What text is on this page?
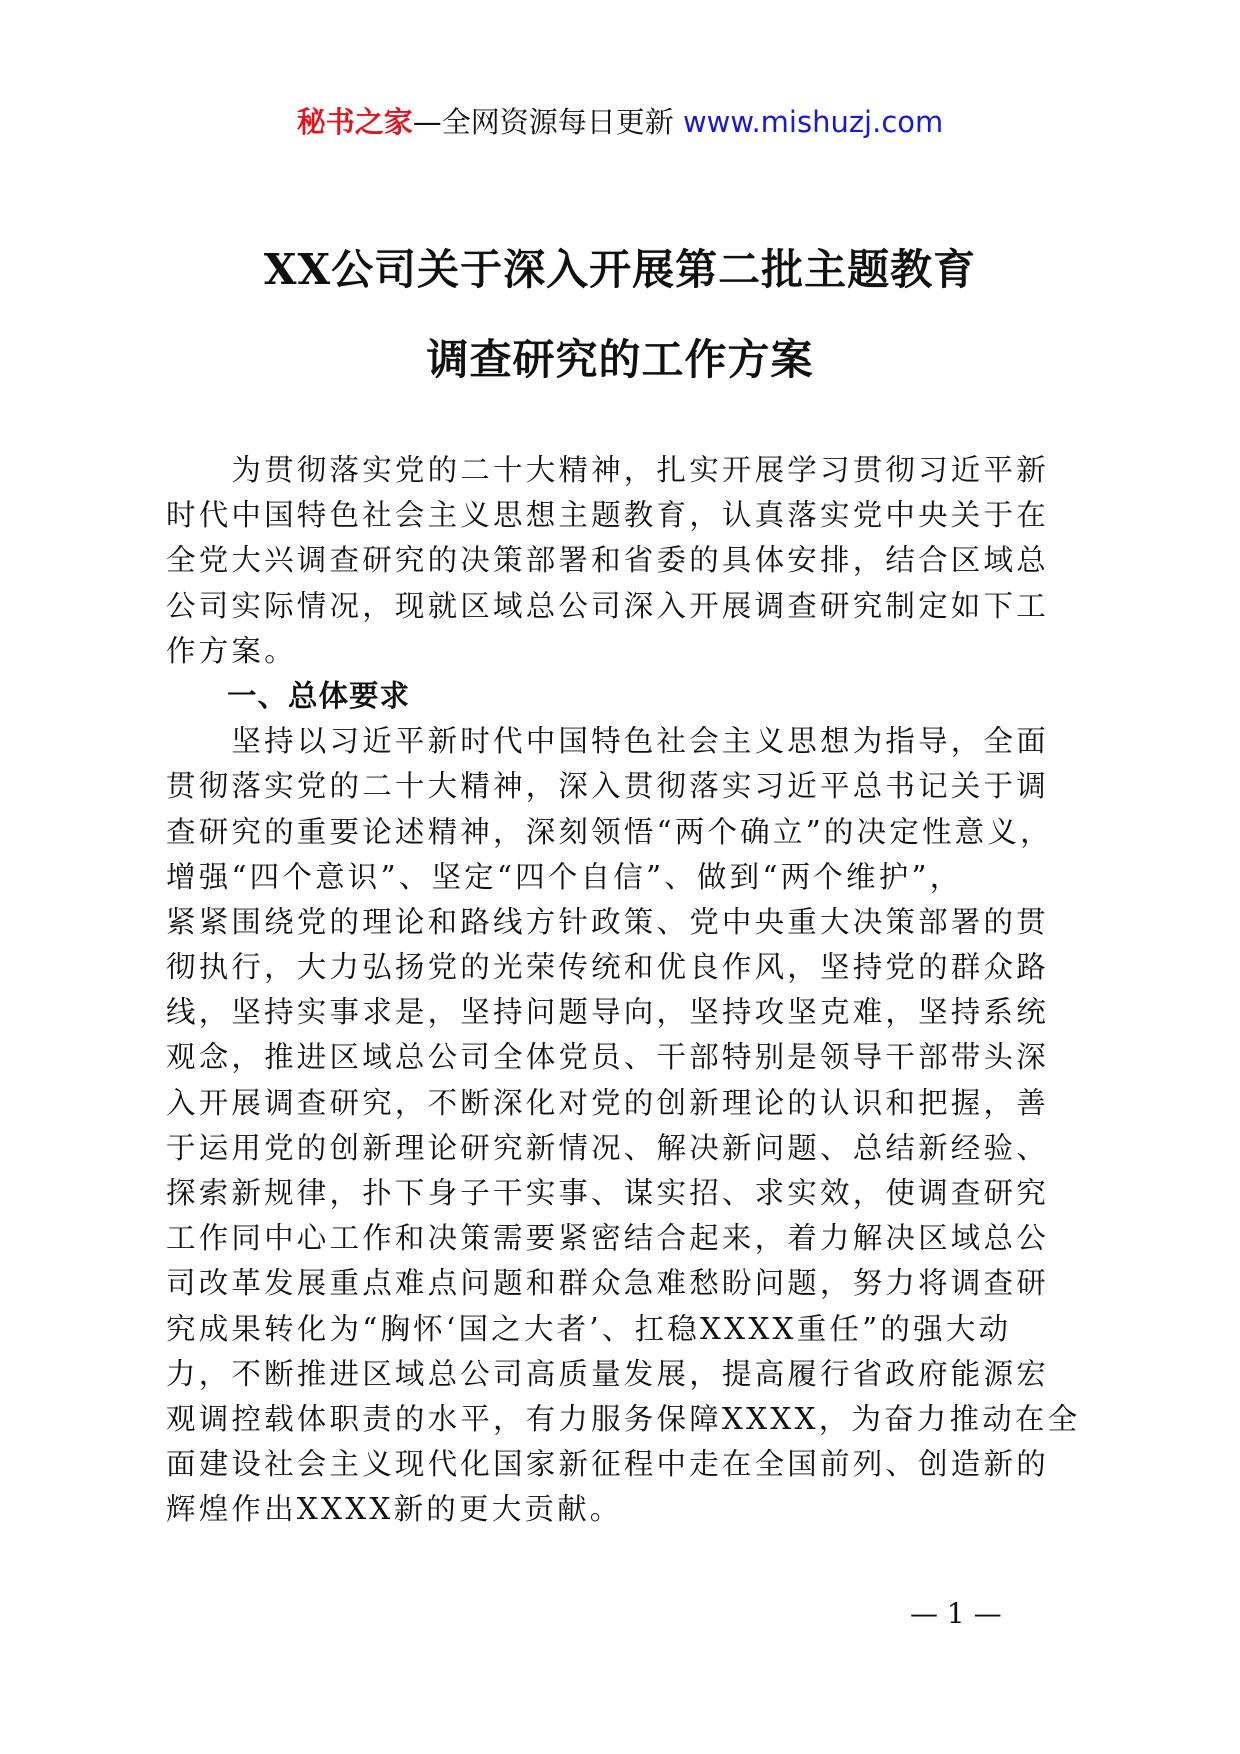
秘书之家—全网资源每日更新 www.mishuzj.com
XX公司关于深入开展第二批主题教育
调查研究的工作方案
　　为贯彻落实党的二十大精神，扎实开展学习贯彻习近平新
时代中国特色社会主义思想主题教育，认真落实党中央关于在
全党大兴调查研究的决策部署和省委的具体安排，结合区域总
公司实际情况，现就区域总公司深入开展调查研究制定如下工
作方案。
　　一、总体要求
　　坚持以习近平新时代中国特色社会主义思想为指导，全面
贯彻落实党的二十大精神，深入贯彻落实习近平总书记关于调
查研究的重要论述精神，深刻领悟“两个确立”的决定性意义，
增强“四个意识”、坚定“四个自信”、做到“两个维护”，
紧紧围绕党的理论和路线方针政策、党中央重大决策部署的贯
彻执行，大力弘扬党的光荣传统和优良作风，坚持党的群众路
线，坚持实事求是，坚持问题导向，坚持攻坚克难，坚持系统
观念，推进区域总公司全体党员、干部特别是领导干部带头深
入开展调查研究，不断深化对党的创新理论的认识和把握，善
于运用党的创新理论研究新情况、解决新问题、总结新经验、
探索新规律，扑下身子干实事、谋实招、求实效，使调查研究
工作同中心工作和决策需要紧密结合起来，着力解决区域总公
司改革发展重点难点问题和群众急难愁盼问题，努力将调查研
究成果转化为“胸怀‘国之大者’、扛稳XXXX重任”的强大动
力，不断推进区域总公司高质量发展，提高履行省政府能源宏
观调控载体职责的水平，有力服务保障XXXX，为奋力推动在全
面建设社会主义现代化国家新征程中走在全国前列、创造新的
辉煌作出XXXX新的更大贡献。
— 1 —
